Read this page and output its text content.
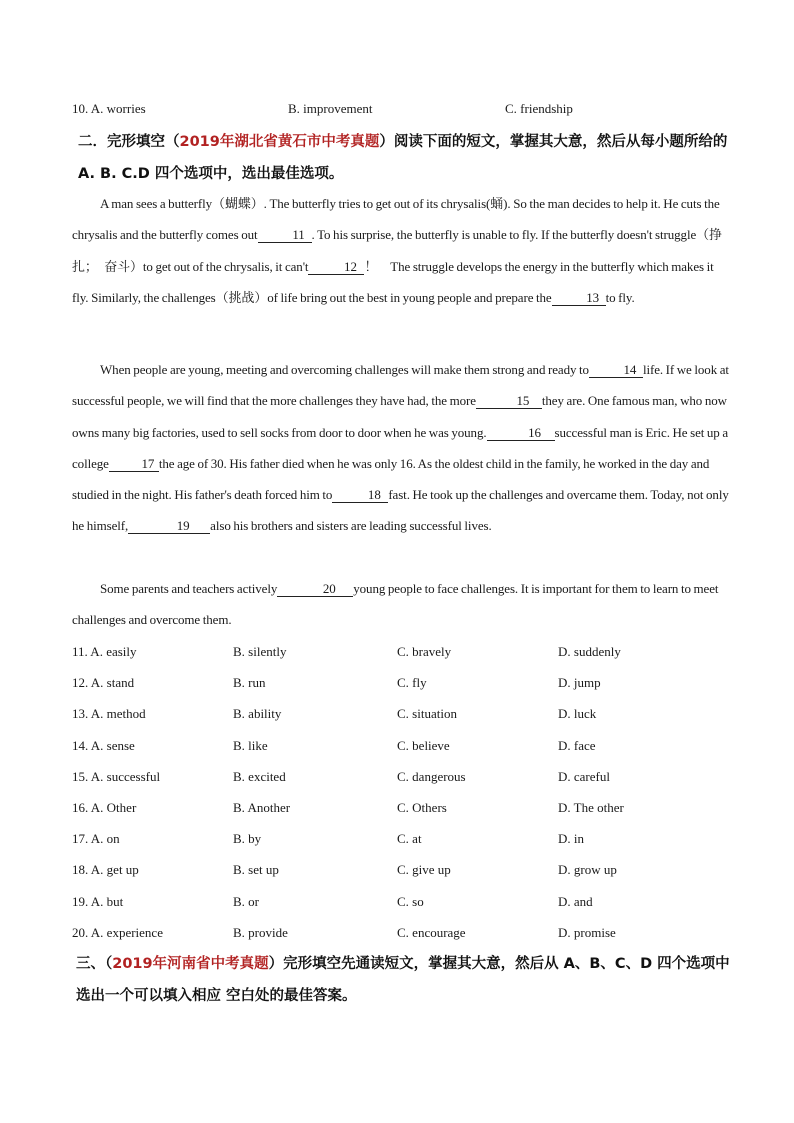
10. A. worries	B. improvement	C. friendship
二．完形填空（2019年湖北省黄石市中考真题）阅读下面的短文，掌握其大意，然后从每小题所给的 A. B. C.D 四个选项中，选出最佳选项。
A man sees a butterfly（蝴蝶）. The butterfly tries to get out of its chrysalis(蛹). So the man decides to help it. He cuts the chrysalis and the butterfly comes out	11 . To his surprise, the butterfly is unable to fly. If the butterfly doesn't struggle（挣扎；　奋斗）to get out of the chrysalis, it can't	12 ！　The struggle develops the energy in the butterfly which makes it fly. Similarly, the challenges（挑战）of life bring out the best in young people and prepare the	13 to fly.
When people are young, meeting and overcoming challenges will make them strong and ready to	14 life. If we look at successful people, we will find that the more challenges they have had, the more	15 they are. One famous man, who now owns many big factories, used to sell socks from door to door when he was young.	16 successful man is Eric. He set up a college	17 the age of 30. His father died when he was only 16. As the oldest child in the family, he worked in the day and studied in the night. His father's death forced him to	18 fast. He took up the challenges and overcame them. Today, not only he himself,	19 also his brothers and sisters are leading successful lives.
Some parents and teachers actively	20 young people to face challenges. It is important for them to learn to meet challenges and overcome them.
11. A. easily	B. silently	C. bravely	D. suddenly
12. A. stand	B. run	C. fly	D. jump
13. A. method	B. ability	C. situation	D. luck
14. A. sense	B. like	C. believe	D. face
15. A. successful	B. excited	C. dangerous	D. careful
16. A. Other	B. Another	C. Others	D. The other
17. A. on	B. by	C. at	D. in
18. A. get up	B. set up	C. give up	D. grow up
19. A. but	B. or	C. so	D. and
20. A. experience	B. provide	C. encourage	D. promise
三、（2019年河南省中考真题）完形填空先通读短文，掌握其大意，然后从 A、B、C、D 四个选项中选出一个可以填入相应 空白处的最佳答案。
